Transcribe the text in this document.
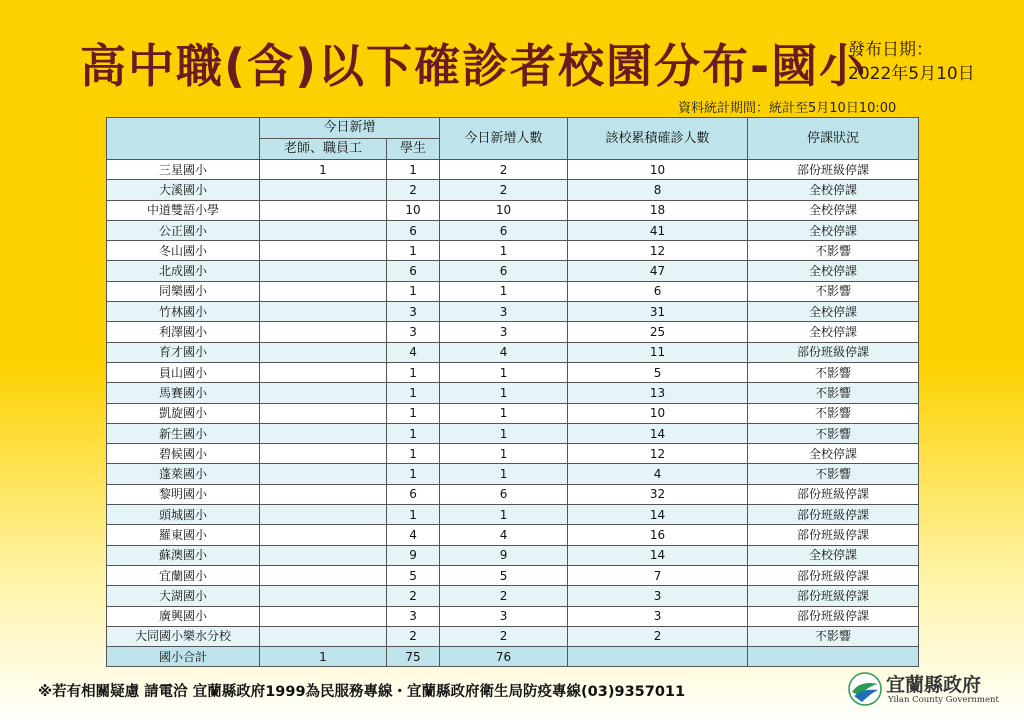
高中職(含)以下確診者校園分布-國小
發布日期：
2022年5月10日
資料統計期間：統計至5月10日10:00
	今日新增		今日新增人數	該校累積確診人數	停課狀況
	老師、職員工	學生			
三星國小	1	1	2	10	部份班級停課
大溪國小		2	2	8	全校停課
中道雙語小學		10	10	18	全校停課
公正國小		6	6	41	全校停課
冬山國小		1	1	12	不影響
北成國小		6	6	47	全校停課
同樂國小		1	1	6	不影響
竹林國小		3	3	31	全校停課
利澤國小		3	3	25	全校停課
育才國小		4	4	11	部份班級停課
員山國小		1	1	5	不影響
馬賽國小		1	1	13	不影響
凱旋國小		1	1	10	不影響
新生國小		1	1	14	不影響
碧候國小		1	1	12	全校停課
蓬萊國小		1	1	4	不影響
黎明國小		6	6	32	部份班級停課
頭城國小		1	1	14	部份班級停課
羅東國小		4	4	16	部份班級停課
蘇澳國小		9	9	14	全校停課
宜蘭國小		5	5	7	部份班級停課
大湖國小		2	2	3	部份班級停課
廣興國小		3	3	3	部份班級停課
大同國小樂水分校		2	2	2	不影響
國小合計	1	75	76		
※若有相關疑慮 請電洽 宜蘭縣政府1999為民服務專線・宜蘭縣政府衛生局防疫專線(03)9357011	宜蘭縣政府
Yilan County Government
